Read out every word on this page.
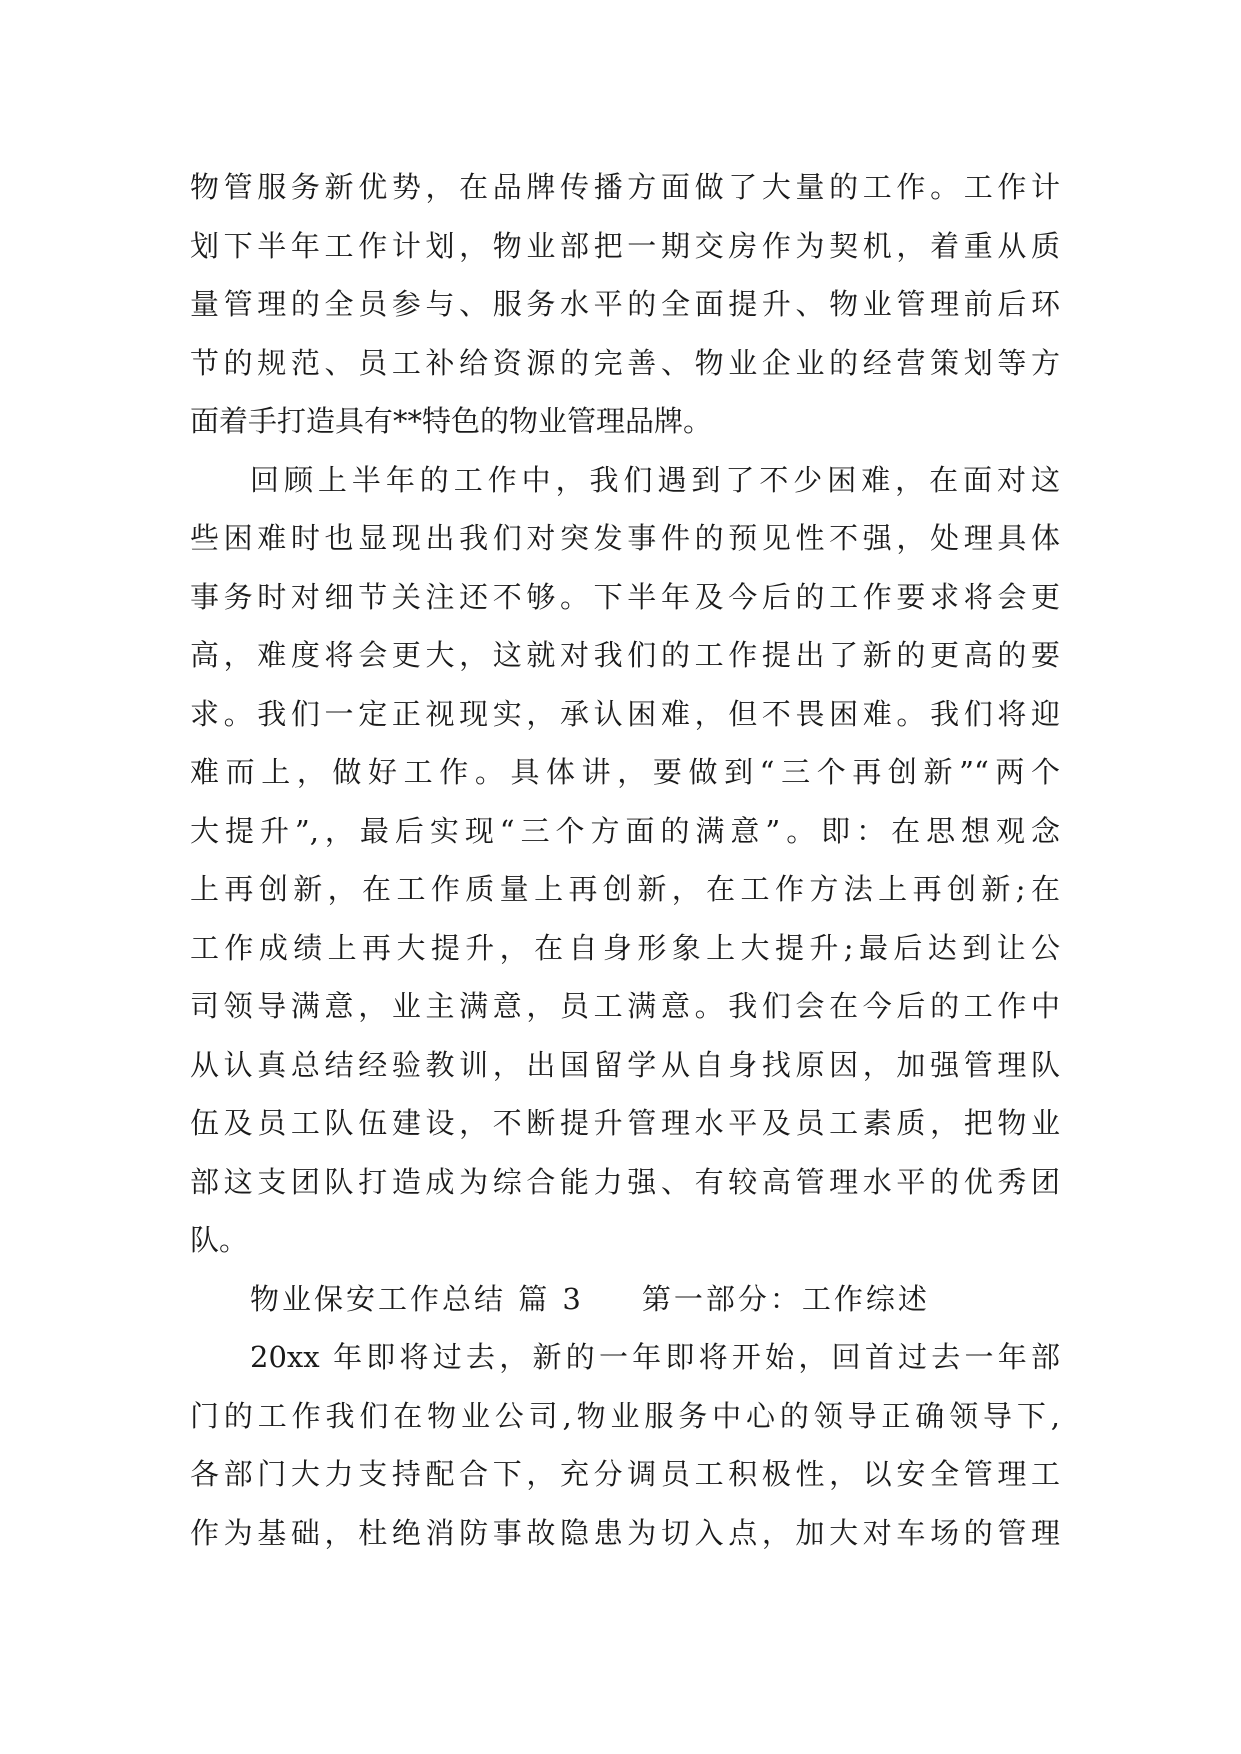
物管服务新优势，在品牌传播方面做了大量的工作。工作计
划下半年工作计划，物业部把一期交房作为契机，着重从质
量管理的全员参与、服务水平的全面提升、物业管理前后环
节的规范、员工补给资源的完善、物业企业的经营策划等方
面着手打造具有**特色的物业管理品牌。
回顾上半年的工作中，我们遇到了不少困难，在面对这
些困难时也显现出我们对突发事件的预见性不强，处理具体
事务时对细节关注还不够。下半年及今后的工作要求将会更
高，难度将会更大，这就对我们的工作提出了新的更高的要
求。我们一定正视现实，承认困难，但不畏困难。我们将迎
难而上，做好工作。具体讲，要做到“三个再创新”“两个
大提升”,，最后实现“三个方面的满意”。即：在思想观念
上再创新，在工作质量上再创新，在工作方法上再创新;在
工作成绩上再大提升，在自身形象上大提升;最后达到让公
司领导满意，业主满意，员工满意。我们会在今后的工作中
从认真总结经验教训，出国留学从自身找原因，加强管理队
伍及员工队伍建设，不断提升管理水平及员工素质，把物业
部这支团队打造成为综合能力强、有较高管理水平的优秀团
队。
物业保安工作总结 篇 3 第一部分：工作综述
20xx 年即将过去，新的一年即将开始，回首过去一年部
门的工作我们在物业公司,物业服务中心的领导正确领导下,
各部门大力支持配合下，充分调员工积极性，以安全管理工
作为基础，杜绝消防事故隐患为切入点，加大对车场的管理
